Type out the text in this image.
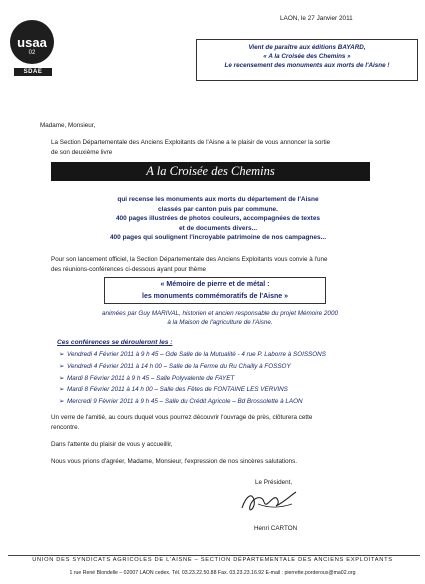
usaa
02
SDAE
LAON, le 27 Janvier 2011
Vient de paraître aux éditions BAYARD,
« A la Croisée des Chemins »
Le recensement des monuments aux morts de l'Aisne !
Madame, Monsieur,
La Section Départementale des Anciens Exploitants de l'Aisne a le plaisir de vous annoncer la sortie
de son deuxième livre
A la Croisée des Chemins
qui recense les monuments aux morts du département de l'Aisne
classés par canton puis par commune.
400 pages illustrées de photos couleurs, accompagnées de textes
et de documents divers...
400 pages qui soulignent l'incroyable patrimoine de nos campagnes...
Pour son lancement officiel, la Section Départementale des Anciens Exploitants vous convie à l'une
des réunions-conférences ci-dessous ayant pour thème
« Mémoire de pierre et de métal :
les monuments commémoratifs de l'Aisne »
animées par Guy MARIVAL, historien et ancien responsable du projet Mémoire 2000
à la Maison de l'agriculture de l'Aisne.
Ces conférences se dérouleront les :
➢ Vendredi 4 Février 2011 à 9 h 45 – Gde Salle de la Mutualité - 4 rue P. Laborre à SOISSONS
➢ Vendredi 4 Février 2011 à 14 h 00 – Salle de la Ferme du Ru Chailly à FOSSOY
➢ Mardi 8 Février 2011 à 9 h 45 – Salle Polyvalente de FAYET
➢ Mardi 8 Février 2011 à 14 h 00 – Salle des Fêtes de FONTAINE LES VERVINS
➢ Mercredi 9 Février 2011 à 9 h 45 – Salle du Crédit Agricole – Bd Brossolette à LAON
Un verre de l'amitié, au cours duquel vous pourrez découvrir l'ouvrage de près, clôturera cette
rencontre.
Dans l'attente du plaisir de vous y accueillir,
Nous vous prions d'agréer, Madame, Monsieur, l'expression de nos sincères salutations.
Le Président,
Henri CARTON
UNION DES SYNDICATS AGRICOLES DE L'AISNE – SECTION DÉPARTEMENTALE DES ANCIENS EXPLOITANTS
1 rue René Blondelle – 02007 LAON cedex. Tél. 03.23.22.50.88 Fax. 03.23.23.16.92 E-mail : pierrette.porderoux@ma02.org
